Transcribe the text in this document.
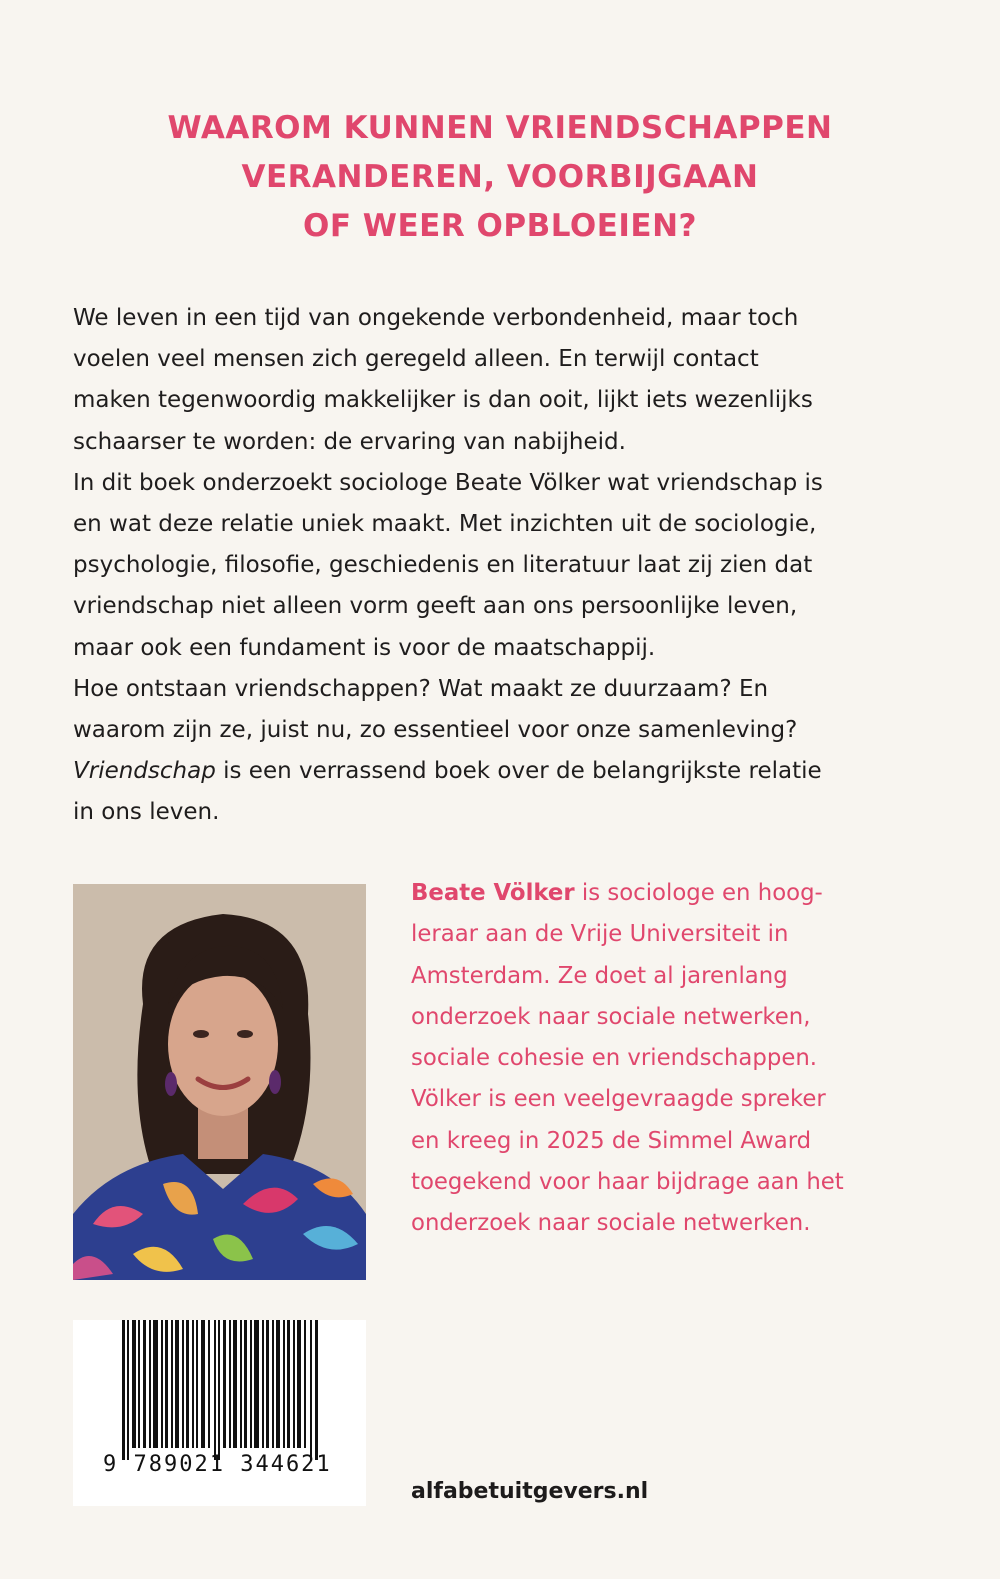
WAAROM KUNNEN VRIENDSCHAPPEN
VERANDEREN, VOORBIJGAAN
OF WEER OPBLOEIEN?
We leven in een tijd van ongekende verbondenheid, maar toch
voelen veel mensen zich geregeld alleen. En terwijl contact
maken tegenwoordig makkelijker is dan ooit, lijkt iets wezenlijks
schaarser te worden: de ervaring van nabijheid.
In dit boek onderzoekt sociologe Beate Völker wat vriendschap is
en wat deze relatie uniek maakt. Met inzichten uit de sociologie,
psychologie, filosofie, geschiedenis en literatuur laat zij zien dat
vriendschap niet alleen vorm geeft aan ons persoonlijke leven,
maar ook een fundament is voor de maatschappij.
Hoe ontstaan vriendschappen? Wat maakt ze duurzaam? En
waarom zijn ze, juist nu, zo essentieel voor onze samenleving?
Vriendschap is een verrassend boek over de belangrijkste relatie
in ons leven.
Beate Völker is sociologe en hoog-
leraar aan de Vrije Universiteit in
Amsterdam. Ze doet al jarenlang
onderzoek naar sociale netwerken,
sociale cohesie en vriendschappen.
Völker is een veelgevraagde spreker
en kreeg in 2025 de Simmel Award
toegekend voor haar bijdrage aan het
onderzoek naar sociale netwerken.
9 789021 344621
alfabetuitgevers.nl
